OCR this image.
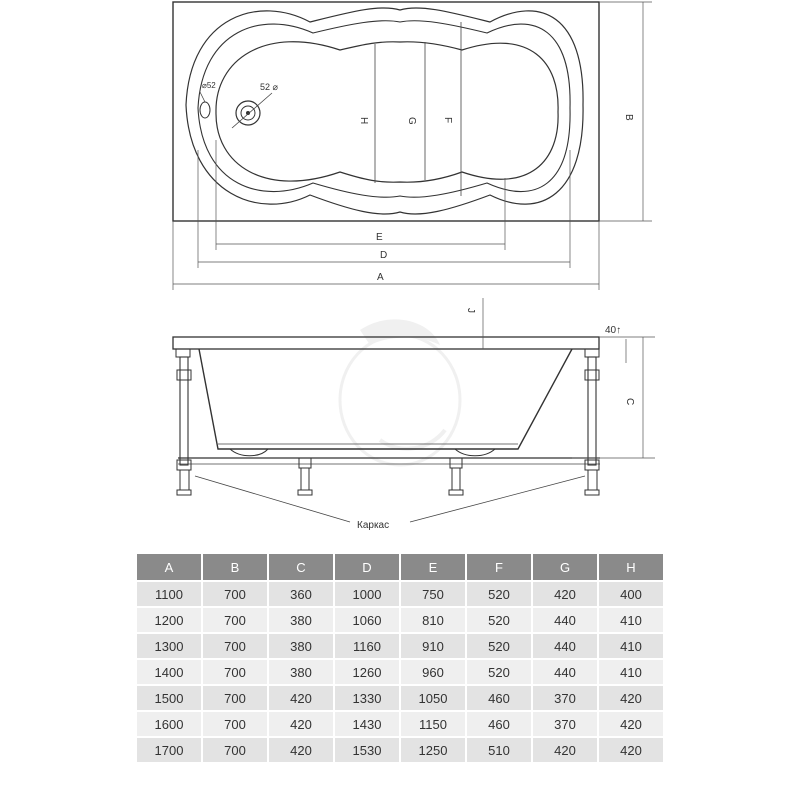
H	G	F
⌀52	52 ⌀
E
D
A
B
J
40↑
C
Каркас
A	B	C	D	E	F	G	H
1100	700	360	1000	750	520	420	400
1200	700	380	1060	810	520	440	410
1300	700	380	1160	910	520	440	410
1400	700	380	1260	960	520	440	410
1500	700	420	1330	1050	460	370	420
1600	700	420	1430	1150	460	370	420
1700	700	420	1530	1250	510	420	420
